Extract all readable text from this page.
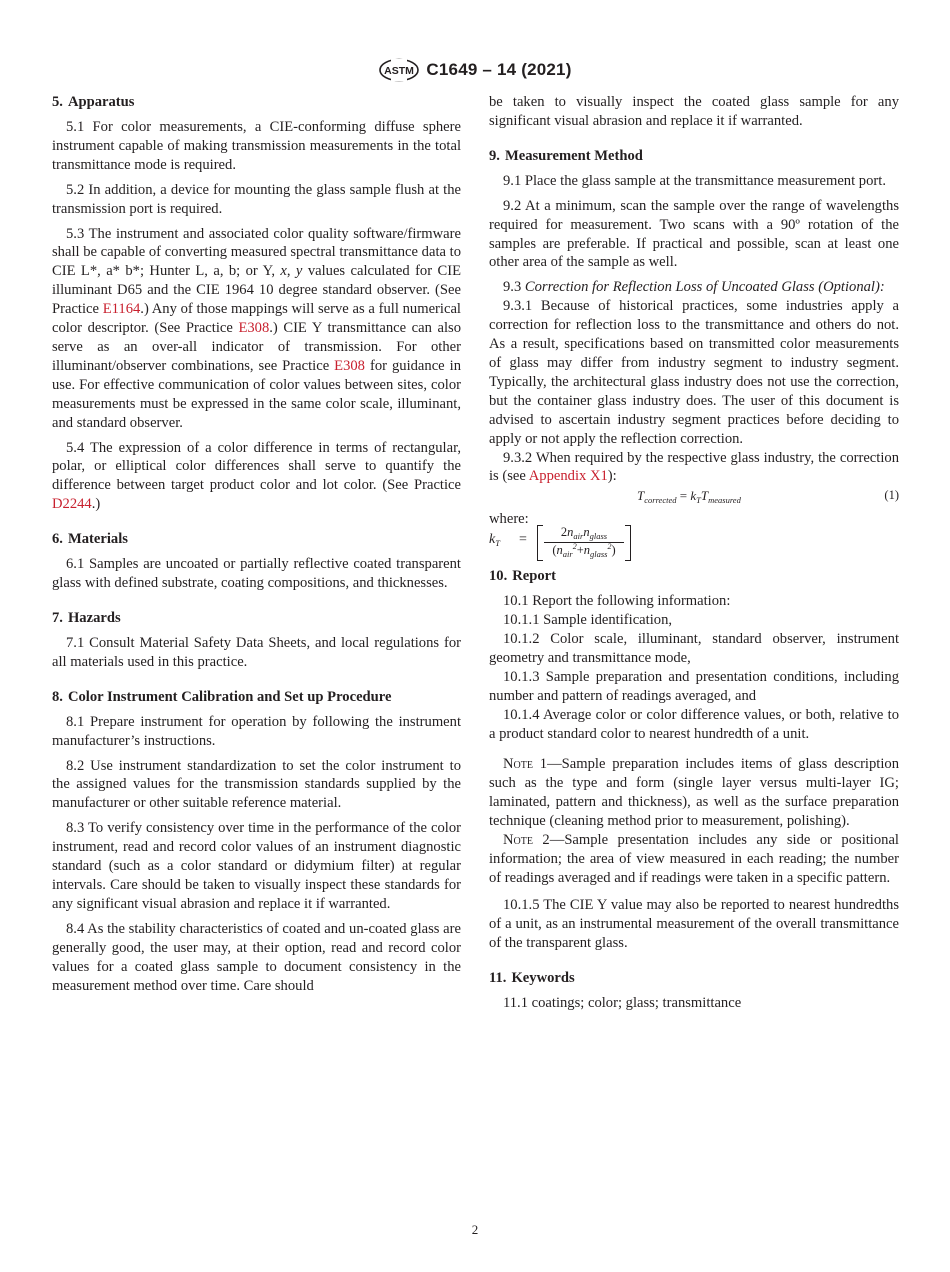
ASTM C1649 – 14 (2021)
5. Apparatus

5.1 For color measurements, a CIE-conforming diffuse sphere instrument capable of making transmission measurements in the total transmittance mode is required.

5.2 In addition, a device for mounting the glass sample flush at the transmission port is required.

5.3 The instrument and associated color quality software/firmware shall be capable of converting measured spectral transmittance data to CIE L*, a* b*; Hunter L, a, b; or Y, x, y values calculated for CIE illuminant D65 and the CIE 1964 10 degree standard observer. (See Practice E1164.) Any of those mappings will serve as a full numerical color descriptor. (See Practice E308.) CIE Y transmittance can also serve as an over-all indicator of transmission. For other illuminant/observer combinations, see Practice E308 for guidance in use. For effective communication of color values between sites, color measurements must be expressed in the same color scale, illuminant, and standard observer.

5.4 The expression of a color difference in terms of rectangular, polar, or elliptical color differences shall serve to quantify the difference between target product color and lot color. (See Practice D2244.)

6. Materials

6.1 Samples are uncoated or partially reflective coated transparent glass with defined substrate, coating compositions, and thicknesses.

7. Hazards

7.1 Consult Material Safety Data Sheets, and local regulations for all materials used in this practice.

8. Color Instrument Calibration and Set up Procedure

8.1 Prepare instrument for operation by following the instrument manufacturer’s instructions.

8.2 Use instrument standardization to set the color instrument to the assigned values for the transmission standards supplied by the manufacturer or other suitable reference material.

8.3 To verify consistency over time in the performance of the color instrument, read and record color values of an instrument diagnostic standard (such as a color standard or didymium filter) at regular intervals. Care should be taken to visually inspect these standards for any significant visual abrasion and replace it if warranted.

8.4 As the stability characteristics of coated and un-coated glass are generally good, the user may, at their option, read and record color values for a coated glass sample to document consistency in the measurement method over time. Care should

be taken to visually inspect the coated glass sample for any significant visual abrasion and replace it if warranted.

9. Measurement Method

9.1 Place the glass sample at the transmittance measurement port.

9.2 At a minimum, scan the sample over the range of wavelengths required for measurement. Two scans with a 90º rotation of the samples are preferable. If practical and possible, scan at least one other area of the sample as well.

9.3 Correction for Reflection Loss of Uncoated Glass (Optional):

9.3.1 Because of historical practices, some industries apply a correction for reflection loss to the transmittance and others do not. As a result, specifications based on transmitted color measurements of glass may differ from industry segment to industry segment. Typically, the architectural glass industry does not use the correction, but the container glass industry does. The user of this document is advised to ascertain industry segment practices before deciding to apply or not apply the reflection correction.

9.3.2 When required by the respective glass industry, the correction is (see Appendix X1):

$T_{corrected} = k_TT_{measured}$	(1)

where:

$k_T$ =	$2n_{air}n_{glass}$
$(n_{air}^2+n_{glass}^2)$
10. Report

10.1 Report the following information:

10.1.1 Sample identification,

10.1.2 Color scale, illuminant, standard observer, instrument geometry and transmittance mode,

10.1.3 Sample preparation and presentation conditions, including number and pattern of readings averaged, and

10.1.4 Average color or color difference values, or both, relative to a product standard color to nearest hundredth of a unit.

Note 1—Sample preparation includes items of glass description such as the type and form (single layer versus multi-layer IG; laminated, pattern and thickness), as well as the surface preparation technique (cleaning method prior to measurement, polishing).

Note 2—Sample presentation includes any side or positional information; the area of view measured in each reading; the number of readings averaged and if readings were taken in a specific pattern.

10.1.5 The CIE Y value may also be reported to nearest hundredths of a unit, as an instrumental measurement of the overall transmittance of the transparent glass.

11. Keywords

11.1 coatings; color; glass; transmittance

2
